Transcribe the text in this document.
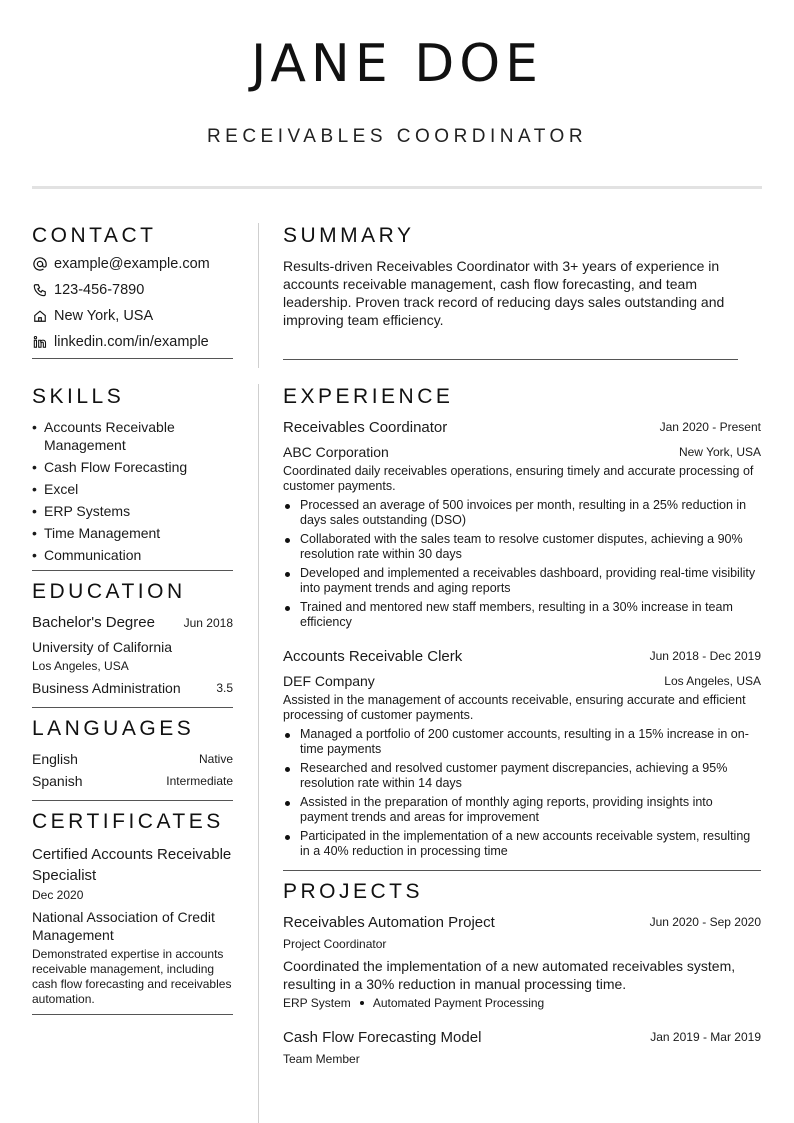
JANE DOE
RECEIVABLES COORDINATOR
CONTACT
example@example.com
123-456-7890
New York, USA
linkedin.com/in/example
SKILLS
• Accounts Receivable Management
• Cash Flow Forecasting
• Excel
• ERP Systems
• Time Management
• Communication
EDUCATION
Bachelor's Degree	Jun 2018
University of California
Los Angeles, USA
Business Administration	3.5
LANGUAGES
English	Native
Spanish	Intermediate
CERTIFICATES
Certified Accounts Receivable Specialist
Dec 2020
National Association of Credit Management
Demonstrated expertise in accounts receivable management, including cash flow forecasting and receivables automation.
SUMMARY
Results-driven Receivables Coordinator with 3+ years of experience in accounts receivable management, cash flow forecasting, and team leadership. Proven track record of reducing days sales outstanding and improving team efficiency.
EXPERIENCE
Receivables Coordinator	Jan 2020 - Present
ABC Corporation	New York, USA
Coordinated daily receivables operations, ensuring timely and accurate processing of customer payments.
Processed an average of 500 invoices per month, resulting in a 25% reduction in days sales outstanding (DSO)
Collaborated with the sales team to resolve customer disputes, achieving a 90% resolution rate within 30 days
Developed and implemented a receivables dashboard, providing real-time visibility into payment trends and aging reports
Trained and mentored new staff members, resulting in a 30% increase in team efficiency
Accounts Receivable Clerk	Jun 2018 - Dec 2019
DEF Company	Los Angeles, USA
Assisted in the management of accounts receivable, ensuring accurate and efficient processing of customer payments.
Managed a portfolio of 200 customer accounts, resulting in a 15% increase in on-time payments
Researched and resolved customer payment discrepancies, achieving a 95% resolution rate within 14 days
Assisted in the preparation of monthly aging reports, providing insights into payment trends and areas for improvement
Participated in the implementation of a new accounts receivable system, resulting in a 40% reduction in processing time
PROJECTS
Receivables Automation Project	Jun 2020 - Sep 2020
Project Coordinator
Coordinated the implementation of a new automated receivables system, resulting in a 30% reduction in manual processing time.
ERP System Automated Payment Processing
Cash Flow Forecasting Model	Jan 2019 - Mar 2019
Team Member
